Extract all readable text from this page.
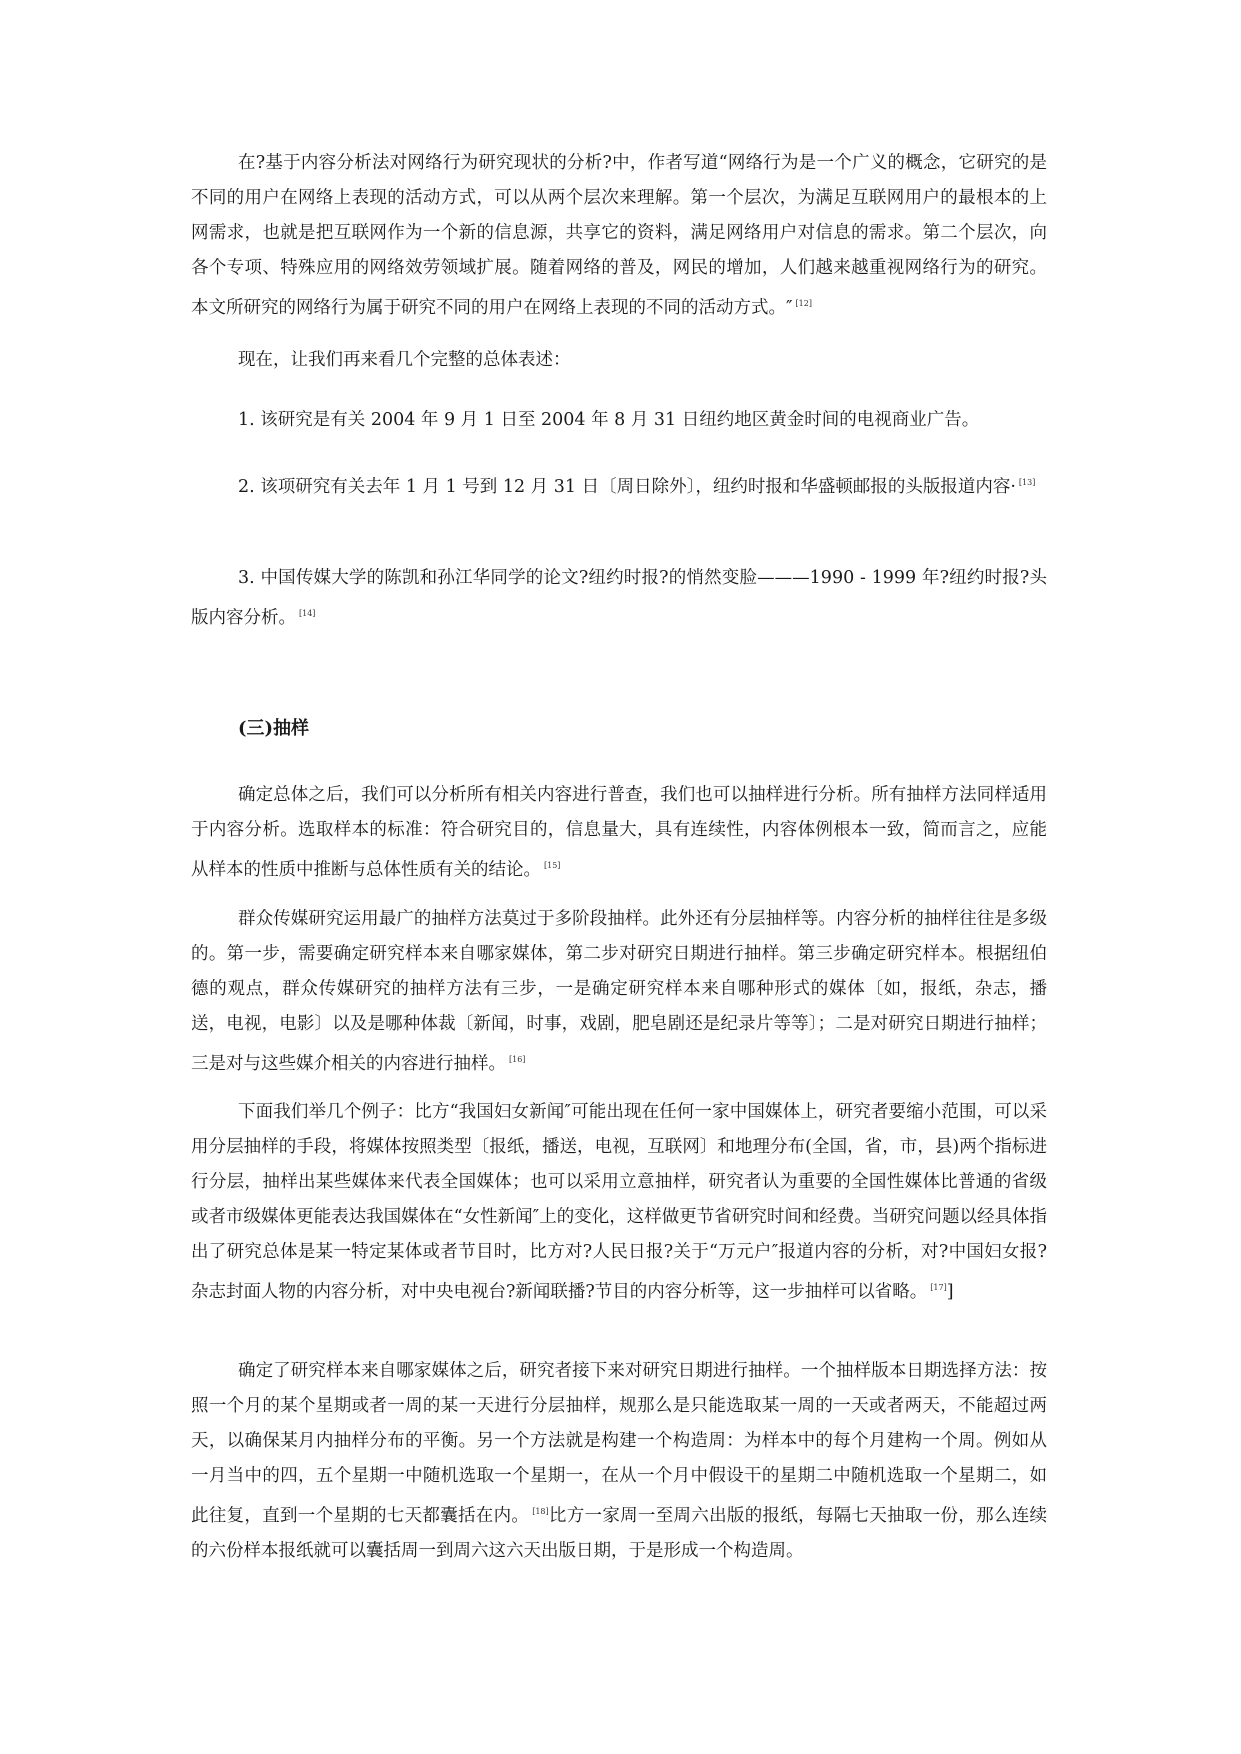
在?基于内容分析法对网络行为研究现状的分析?中，作者写道“网络行为是一个广义的概念，它研究的是不同的用户在网络上表现的活动方式，可以从两个层次来理解。第一个层次，为满足互联网用户的最根本的上网需求，也就是把互联网作为一个新的信息源，共享它的资料，满足网络用户对信息的需求。第二个层次，向各个专项、特殊应用的网络效劳领域扩展。随着网络的普及，网民的增加，人们越来越重视网络行为的研究。本文所研究的网络行为属于研究不同的用户在网络上表现的不同的活动方式。″ [12]

现在，让我们再来看几个完整的总体表述：

1. 该研究是有关 2004 年 9 月 1 日至 2004 年 8 月 31 日纽约地区黄金时间的电视商业广告。

2. 该项研究有关去年 1 月 1 号到 12 月 31 日〔周日除外〕，纽约时报和华盛顿邮报的头版报道内容· [13]

3. 中国传媒大学的陈凯和孙江华同学的论文?纽约时报?的悄然变脸———1990 - 1999 年?纽约时报?头版内容分析。 [14]

(三)抽样

确定总体之后，我们可以分析所有相关内容进行普查，我们也可以抽样进行分析。所有抽样方法同样适用于内容分析。选取样本的标准：符合研究目的，信息量大，具有连续性，内容体例根本一致，简而言之，应能从样本的性质中推断与总体性质有关的结论。 [15]

群众传媒研究运用最广的抽样方法莫过于多阶段抽样。此外还有分层抽样等。内容分析的抽样往往是多级的。第一步，需要确定研究样本来自哪家媒体，第二步对研究日期进行抽样。第三步确定研究样本。根据纽伯德的观点，群众传媒研究的抽样方法有三步，一是确定研究样本来自哪种形式的媒体〔如，报纸，杂志，播送，电视，电影〕以及是哪种体裁〔新闻，时事，戏剧，肥皂剧还是纪录片等等〕；二是对研究日期进行抽样；三是对与这些媒介相关的内容进行抽样。 [16]

下面我们举几个例子：比方“我国妇女新闻″可能出现在任何一家中国媒体上，研究者要缩小范围，可以采用分层抽样的手段，将媒体按照类型〔报纸，播送，电视，互联网〕和地理分布(全国，省，市，县)两个指标进行分层，抽样出某些媒体来代表全国媒体；也可以采用立意抽样，研究者认为重要的全国性媒体比普通的省级或者市级媒体更能表达我国媒体在“女性新闻″上的变化，这样做更节省研究时间和经费。当研究问题以经具体指出了研究总体是某一特定某体或者节目时，比方对?人民日报?关于“万元户″报道内容的分析，对?中国妇女报?杂志封面人物的内容分析，对中央电视台?新闻联播?节目的内容分析等，这一步抽样可以省略。 [17]]

确定了研究样本来自哪家媒体之后，研究者接下来对研究日期进行抽样。一个抽样版本日期选择方法：按照一个月的某个星期或者一周的某一天进行分层抽样，规那么是只能选取某一周的一天或者两天，不能超过两天，以确保某月内抽样分布的平衡。另一个方法就是构建一个构造周：为样本中的每个月建构一个周。例如从一月当中的四，五个星期一中随机选取一个星期一，在从一个月中假设干的星期二中随机选取一个星期二，如此往复，直到一个星期的七天都囊括在内。 [18]比方一家周一至周六出版的报纸，每隔七天抽取一份，那么连续的六份样本报纸就可以囊括周一到周六这六天出版日期，于是形成一个构造周。
